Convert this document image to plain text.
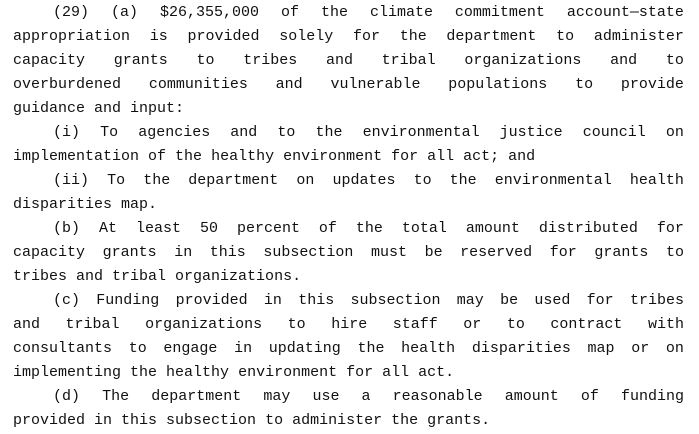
(29) (a) $26,355,000 of the climate commitment account—state
appropriation is provided solely for the department to administer
capacity grants to tribes and tribal organizations and to
overburdened communities and vulnerable populations to provide
guidance and input:
(i) To agencies and to the environmental justice council on
implementation of the healthy environment for all act; and
(ii) To the department on updates to the environmental health
disparities map.
(b) At least 50 percent of the total amount distributed for
capacity grants in this subsection must be reserved for grants to
tribes and tribal organizations.
(c) Funding provided in this subsection may be used for tribes
and tribal organizations to hire staff or to contract with
consultants to engage in updating the health disparities map or on
implementing the healthy environment for all act.
(d) The department may use a reasonable amount of funding
provided in this subsection to administer the grants.
